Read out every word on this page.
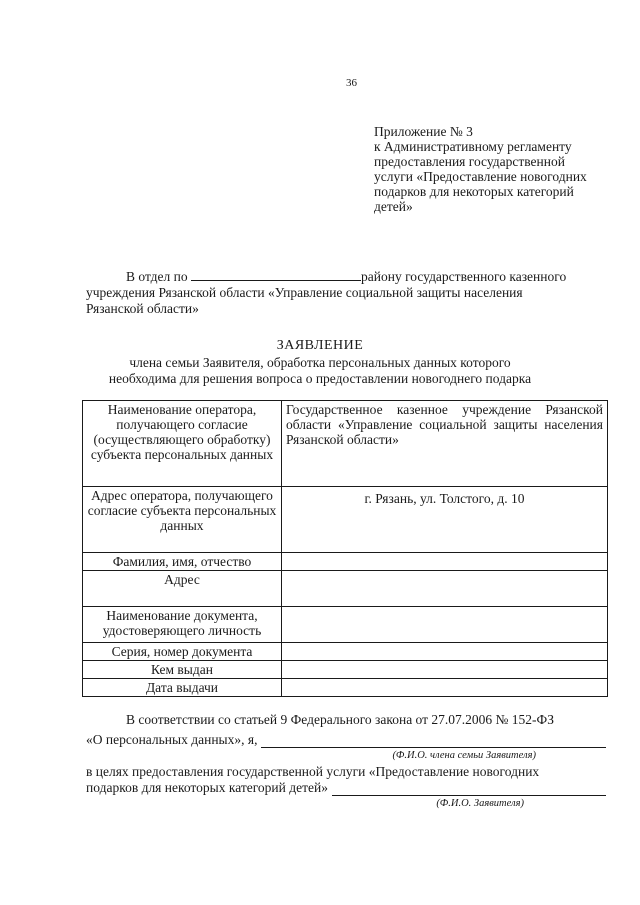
36
Приложение № 3
к Административному регламенту
предоставления государственной
услуги «Предоставление новогодних
подарков для некоторых категорий
детей»
В отдел по	району государственного казенного
учреждения Рязанской области «Управление социальной защиты населения
Рязанской области»
ЗАЯВЛЕНИЕ
члена семьи Заявителя, обработка персональных данных которого
необходима для решения вопроса о предоставлении новогоднего подарка
Наименование оператора, получающего согласие (осуществляющего обработку) субъекта персональных данных	Государственное казенное учреждение Рязанской области «Управление социальной защиты населения Рязанской области»
Адрес оператора, получающего согласие субъекта персональных данных	г. Рязань, ул. Толстого, д. 10
Фамилия, имя, отчество	
Адрес	
Наименование документа, удостоверяющего личность	
Серия, номер документа	
Кем выдан	
Дата выдачи	
В соответствии со статьей 9 Федерального закона от 27.07.2006 № 152-ФЗ
«О персональных данных», я,
(Ф.И.О. члена семьи Заявителя)
в целях предоставления государственной услуги «Предоставление новогодних
подарков для некоторых категорий детей»
(Ф.И.О. Заявителя)
